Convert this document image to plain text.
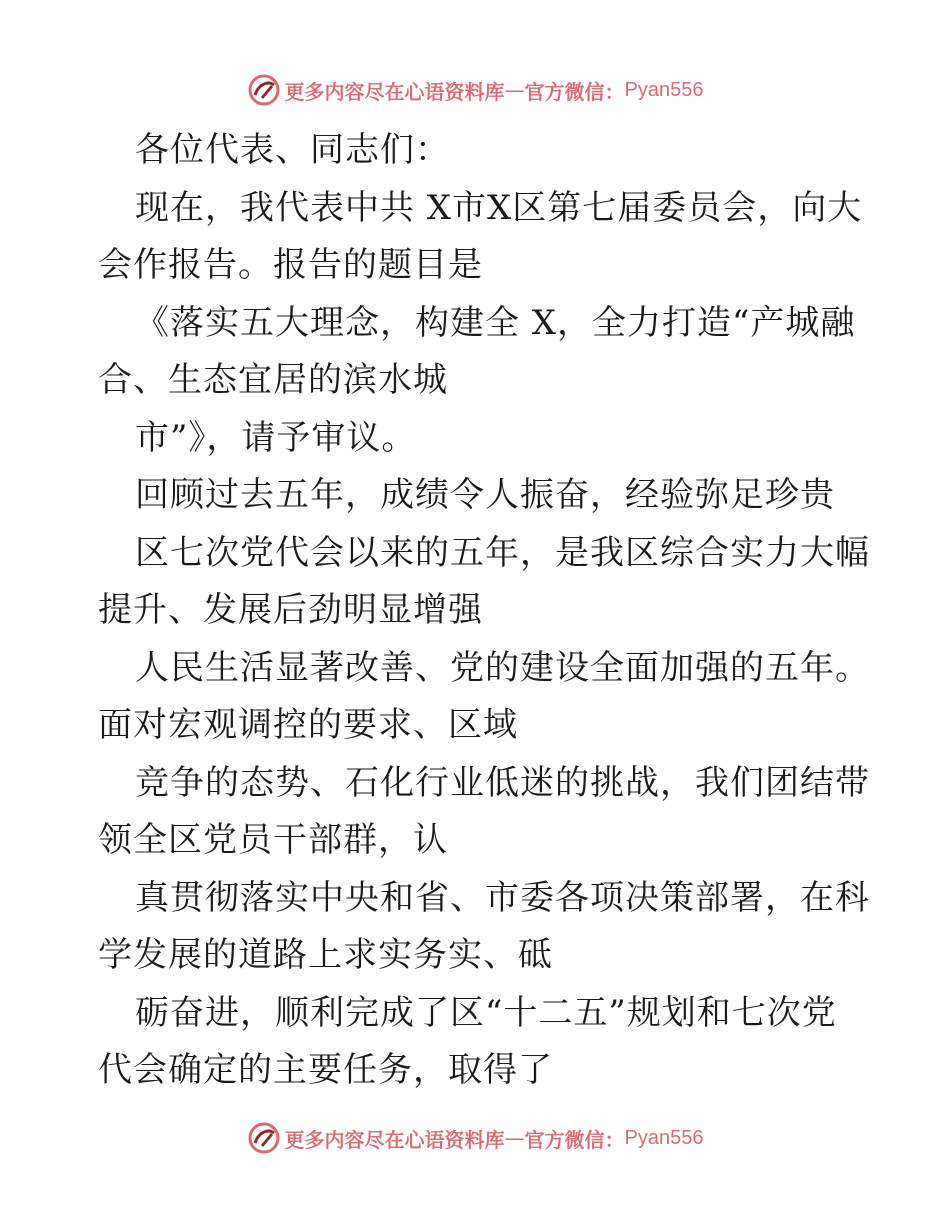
更多内容尽在心语资料库 — 官方微信： Pyan556
各位代表、同志们：
现在，我代表中共 X市X区第七届委员会，向大
会作报告。报告的题目是
《落实五大理念，构建全 X，全力打造“产城融
合、生态宜居的滨水城
市”》，请予审议。
回顾过去五年，成绩令人振奋，经验弥足珍贵
区七次党代会以来的五年，是我区综合实力大幅
提升、发展后劲明显增强
人民生活显著改善、党的建设全面加强的五年。
面对宏观调控的要求、区域
竞争的态势、石化行业低迷的挑战，我们团结带
领全区党员干部群，认
真贯彻落实中央和省、市委各项决策部署，在科
学发展的道路上求实务实、砥
砺奋进，顺利完成了区“十二五”规划和七次党
代会确定的主要任务，取得了
更多内容尽在心语资料库 — 官方微信： Pyan556
